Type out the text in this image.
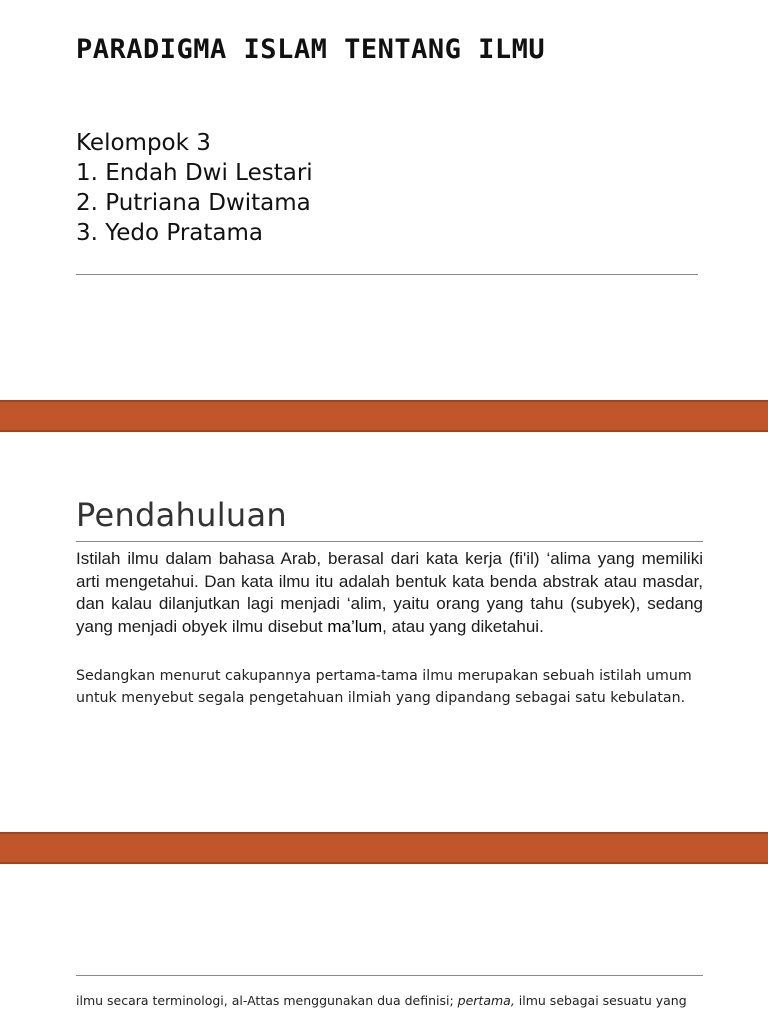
PARADIGMA ISLAM TENTANG ILMU
Kelompok 3
1. Endah Dwi Lestari
2. Putriana Dwitama
3. Yedo Pratama
Pendahuluan

Istilah ilmu dalam bahasa Arab, berasal dari kata kerja (fi'il) ‘alima yang memiliki arti mengetahui. Dan kata ilmu itu adalah bentuk kata benda abstrak atau masdar, dan kalau dilanjutkan lagi menjadi ‘alim, yaitu orang yang tahu (subyek), sedang yang menjadi obyek ilmu disebut ma’lum, atau yang diketahui.

Sedangkan menurut cakupannya pertama-tama ilmu merupakan sebuah istilah umum untuk menyebut segala pengetahuan ilmiah yang dipandang sebagai satu kebulatan.

ilmu secara terminologi, al-Attas menggunakan dua definisi; pertama, ilmu sebagai sesuatu yang
